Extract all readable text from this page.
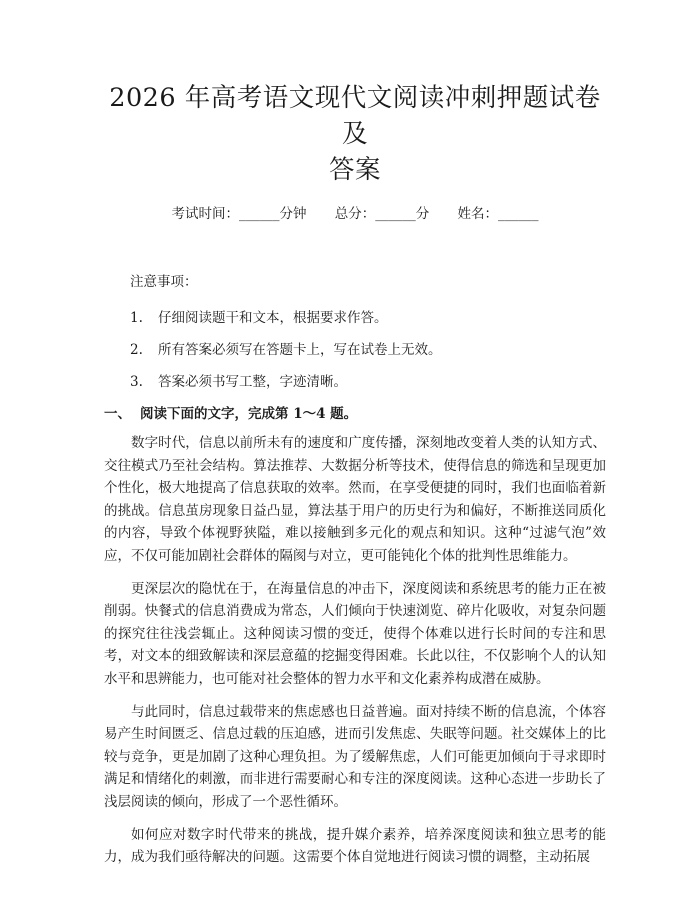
2026 年高考语文现代文阅读冲刺押题试卷及
答案
考试时间：______分钟 总分：______分 姓名：______
注意事项：
1. 仔细阅读题干和文本，根据要求作答。
2. 所有答案必须写在答题卡上，写在试卷上无效。
3. 答案必须书写工整，字迹清晰。
一、 阅读下面的文字，完成第 1～4 题。

数字时代，信息以前所未有的速度和广度传播，深刻地改变着人类的认知方式、交往模式乃至社会结构。算法推荐、大数据分析等技术，使得信息的筛选和呈现更加个性化，极大地提高了信息获取的效率。然而，在享受便捷的同时，我们也面临着新的挑战。信息茧房现象日益凸显，算法基于用户的历史行为和偏好，不断推送同质化的内容，导致个体视野狭隘，难以接触到多元化的观点和知识。这种“过滤气泡”效应，不仅可能加剧社会群体的隔阂与对立，更可能钝化个体的批判性思维能力。

更深层次的隐忧在于，在海量信息的冲击下，深度阅读和系统思考的能力正在被削弱。快餐式的信息消费成为常态，人们倾向于快速浏览、碎片化吸收，对复杂问题的探究往往浅尝辄止。这种阅读习惯的变迁，使得个体难以进行长时间的专注和思考，对文本的细致解读和深层意蕴的挖掘变得困难。长此以往，不仅影响个人的认知水平和思辨能力，也可能对社会整体的智力水平和文化素养构成潜在威胁。

与此同时，信息过载带来的焦虑感也日益普遍。面对持续不断的信息流，个体容易产生时间匮乏、信息过载的压迫感，进而引发焦虑、失眠等问题。社交媒体上的比较与竞争，更是加剧了这种心理负担。为了缓解焦虑，人们可能更加倾向于寻求即时满足和情绪化的刺激，而非进行需要耐心和专注的深度阅读。这种心态进一步助长了浅层阅读的倾向，形成了一个恶性循环。

如何应对数字时代带来的挑战，提升媒介素养，培养深度阅读和独立思考的能力，成为我们亟待解决的问题。这需要个体自觉地进行阅读习惯的调整，主动拓展
